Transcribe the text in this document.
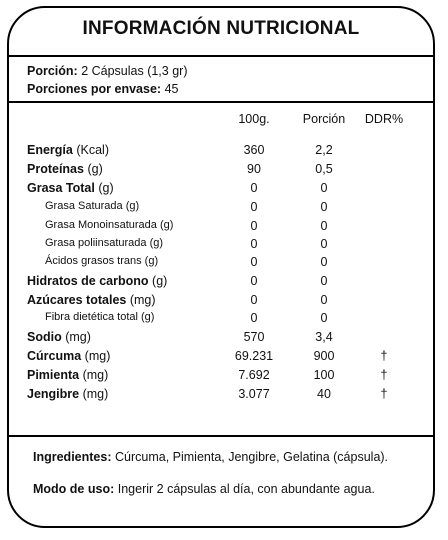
INFORMACIÓN NUTRICIONAL
Porción: 2 Cápsulas (1,3 gr)
Porciones por envase: 45
100g.	Porción	DDR%
Energía (Kcal)	360	2,2
Proteínas (g)	90	0,5
Grasa Total (g)	0	0
Grasa Saturada (g)	0	0
Grasa Monoinsaturada (g)	0	0
Grasa poliinsaturada (g)	0	0
Ácidos grasos trans (g)	0	0
Hidratos de carbono (g)	0	0
Azúcares totales (mg)	0	0
Fibra dietética total (g)	0	0
Sodio (mg)	570	3,4
Cúrcuma (mg)	69.231	900	†
Pimienta (mg)	7.692	100	†
Jengibre (mg)	3.077	40	†
Ingredientes: Cúrcuma, Pimienta, Jengibre, Gelatina (cápsula).
Modo de uso: Ingerir 2 cápsulas al día, con abundante agua.
